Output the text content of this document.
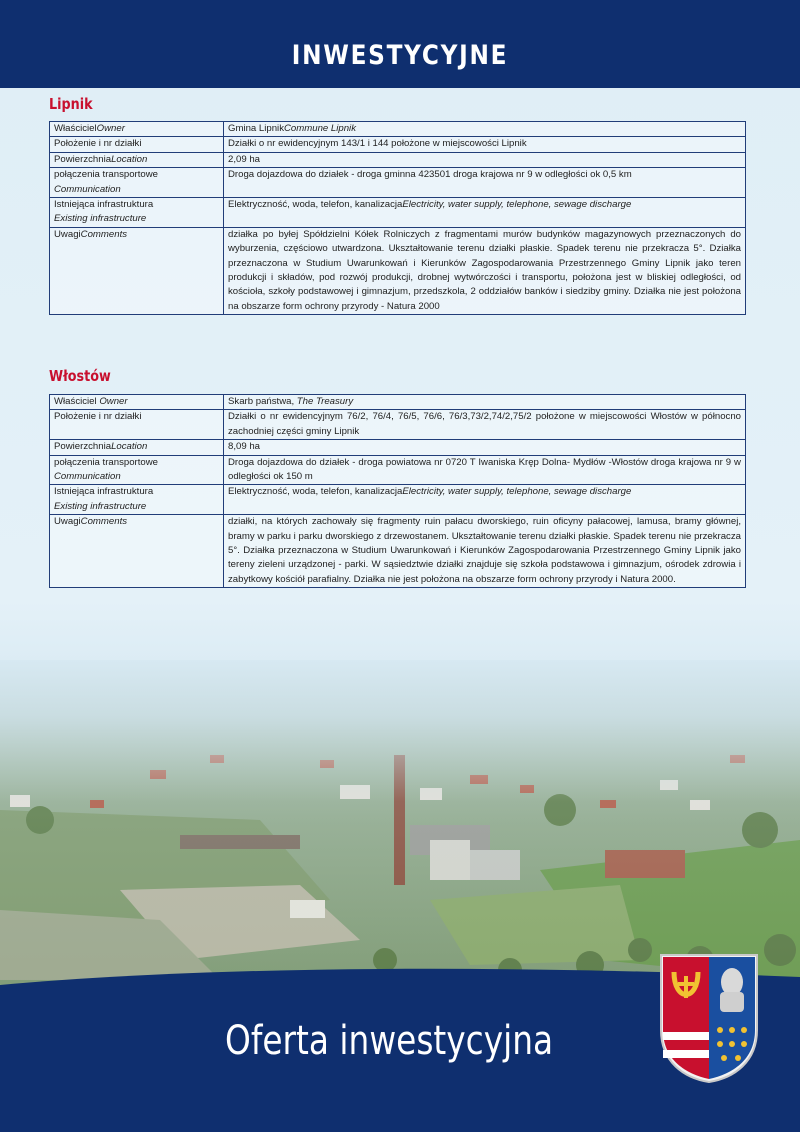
INWESTYCYJNE
Lipnik
WłaścicielOwner	Gmina LipnikCommune Lipnik
Położenie i nr działki	Działki o nr ewidencyjnym 143/1 i 144 położone w miejscowości Lipnik
PowierzchniaLocation	2,09 ha
połączenia transportowe
Communication	Droga dojazdowa do działek - droga gminna 423501 droga krajowa nr 9 w odległości ok 0,5 km
Istniejąca infrastruktura
Existing infrastructure	Elektryczność, woda, telefon, kanalizacjaElectricity, water supply, telephone, sewage discharge
UwagiComments	działka po byłej Spółdzielni Kółek Rolniczych z fragmentami murów budynków magazynowych przeznaczonych do wyburzenia, częściowo utwardzona. Ukształtowanie terenu działki płaskie. Spadek terenu nie przekracza 5°. Działka przeznaczona w Studium Uwarunkowań i Kierunków Zagospodarowania Przestrzennego Gminy Lipnik jako teren produkcji i składów, pod rozwój produkcji, drobnej wytwórczości i transportu, położona jest w bliskiej odległości, od kościoła, szkoły podstawowej i gimnazjum, przedszkola, 2 oddziałów banków i siedziby gminy. Działka nie jest położona na obszarze form ochrony przyrody - Natura 2000
Włostów
Właściciel Owner	Skarb państwa, The Treasury
Położenie i nr działki	Działki o nr ewidencyjnym 76/2, 76/4, 76/5, 76/6, 76/3,73/2,74/2,75/2 położone w miejscowości Włostów w północno zachodniej części gminy Lipnik
PowierzchniaLocation	8,09 ha
połączenia transportowe
Communication	Droga dojazdowa do działek - droga powiatowa nr 0720 T Iwaniska Kręp Dolna- Mydłów -Włostów droga krajowa nr 9 w odległości ok 150 m
Istniejąca infrastruktura
Existing infrastructure	Elektryczność, woda, telefon, kanalizacjaElectricity, water supply, telephone, sewage discharge
UwagiComments	działki, na których zachowały się fragmenty ruin pałacu dworskiego, ruin oficyny pałacowej, lamusa, bramy głównej, bramy w parku i parku dworskiego z drzewostanem. Ukształtowanie terenu działki płaskie. Spadek terenu nie przekracza 5°. Działka przeznaczona w Studium Uwarunkowań i Kierunków Zagospodarowania Przestrzennego Gminy Lipnik jako tereny zieleni urządzonej - parki. W sąsiedztwie działki znajduje się szkoła podstawowa i gimnazjum, ośrodek zdrowia i zabytkowy kościół parafialny. Działka nie jest położona na obszarze form ochrony przyrody i Natura 2000.
Oferta inwestycyjna
